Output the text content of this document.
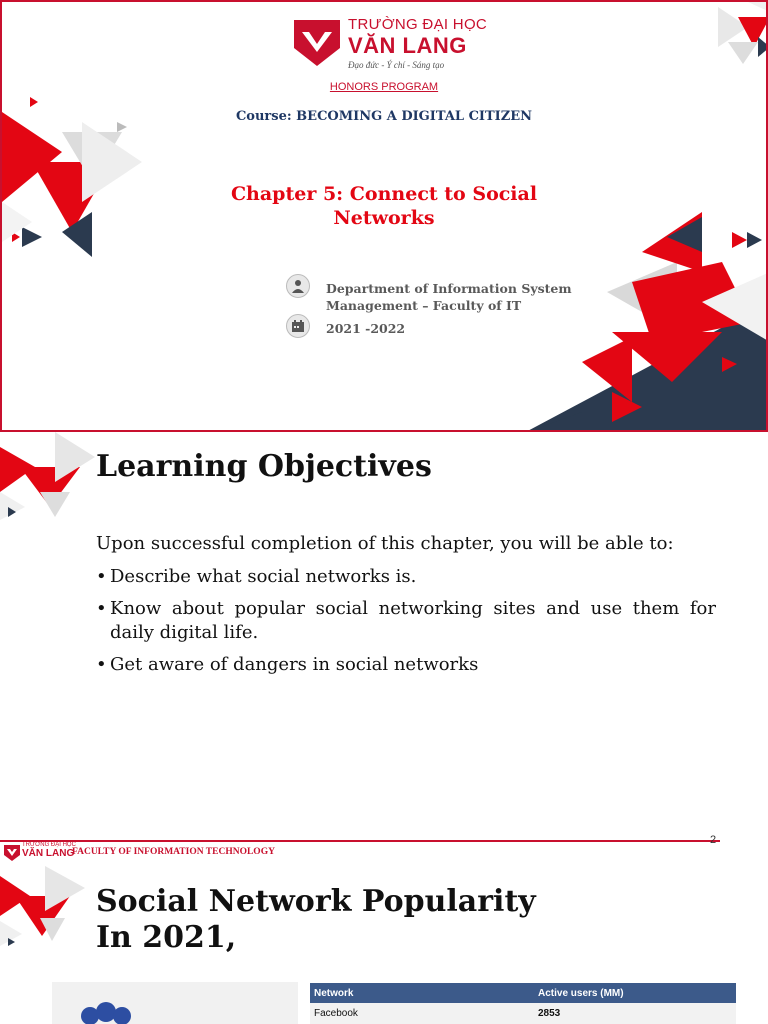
TRƯỜNG ĐẠI HỌC
VĂN LANG
Đạo đức - Ý chí - Sáng tạo
HONORS PROGRAM
Course: BECOMING A DIGITAL CITIZEN
Chapter 5: Connect to Social
Networks
Department of Information System
Management – Faculty of IT
2021 -2022
Learning Objectives
Upon successful completion of this chapter, you will be able to:
• Describe what social networks is.
• Know about popular social networking sites and use them for daily digital life.
• Get aware of dangers in social networks
TRƯỜNG ĐẠI HỌC
VĂN LANG
FACULTY OF INFORMATION TECHNOLOGY
2
Social Network Popularity
In 2021,
Network	Active users (MM)
Facebook	2853
